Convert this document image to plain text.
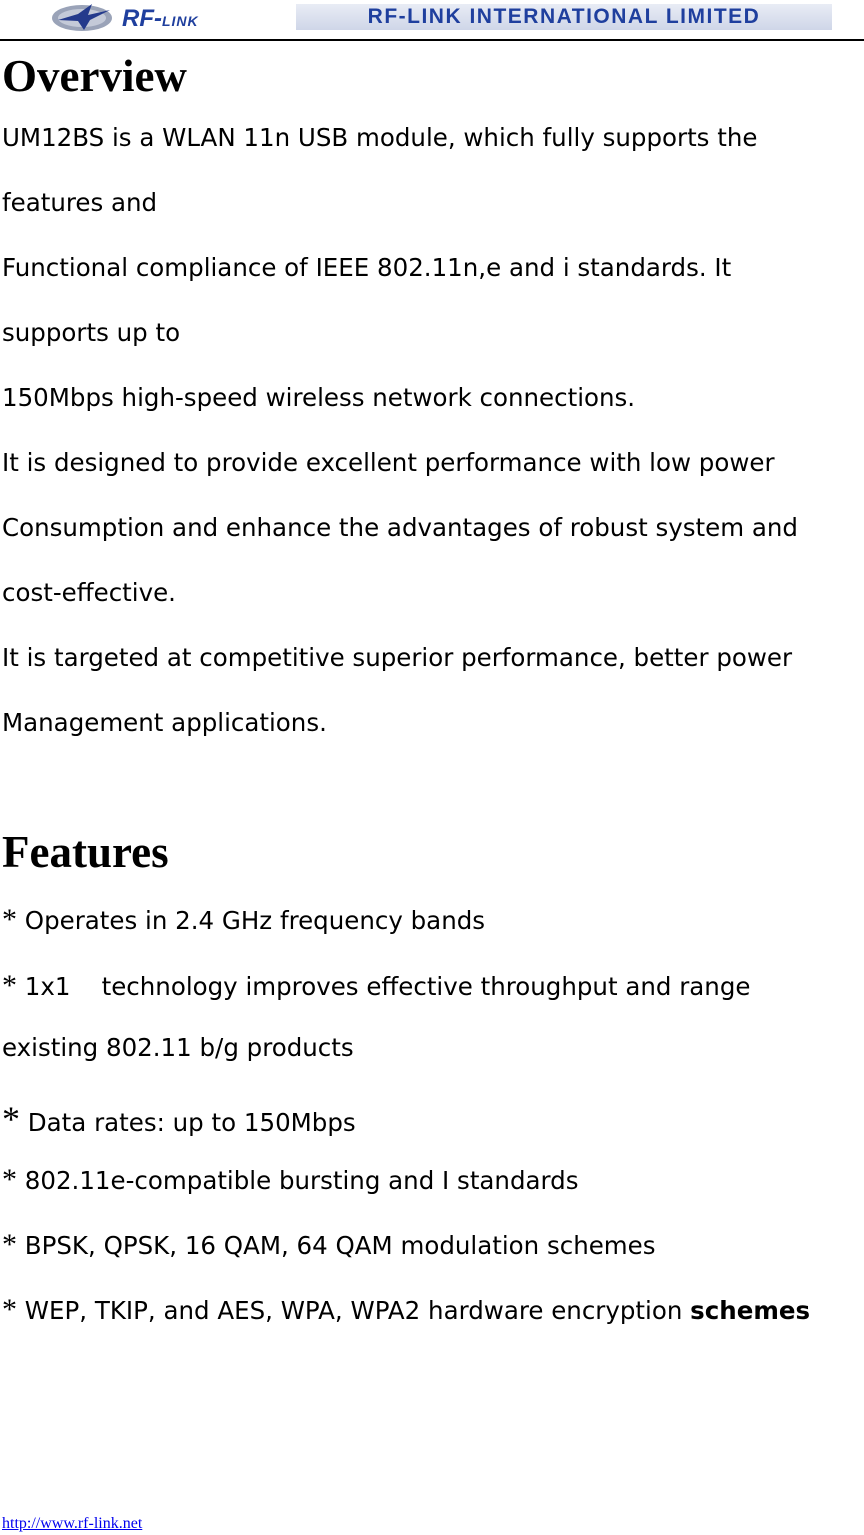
RF-LINK	RF-LINK INTERNATIONAL LIMITED
Overview

UM12BS is a WLAN 11n USB module, which fully supports the

features and

Functional compliance of IEEE 802.11n,e and i standards. It

supports up to

150Mbps high-speed wireless network connections.

It is designed to provide excellent performance with low power

Consumption and enhance the advantages of robust system and

cost-effective.

It is targeted at competitive superior performance, better power

Management applications.

Features

* Operates in 2.4 GHz frequency bands

* 1x1    technology improves effective throughput and range

existing 802.11 b/g products

* Data rates: up to 150Mbps

* 802.11e-compatible bursting and I standards

* BPSK, QPSK, 16 QAM, 64 QAM modulation schemes

* WEP, TKIP, and AES, WPA, WPA2 hardware encryption schemes

http://www.rf-link.net
